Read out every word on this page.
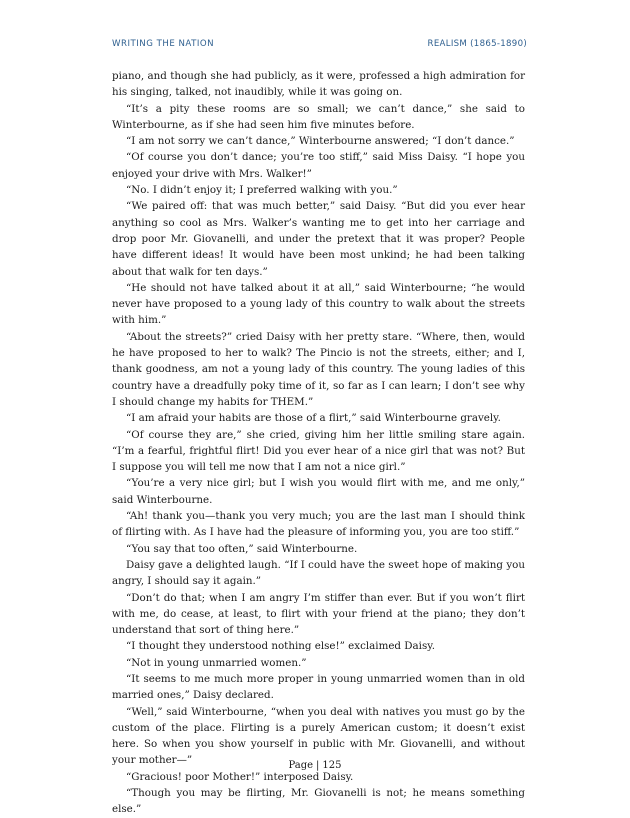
WRITING THE NATION	REALISM (1865-1890)

piano, and though she had publicly, as it were, professed a high admiration for his singing, talked, not inaudibly, while it was going on.

“It’s a pity these rooms are so small; we can’t dance,” she said to Winterbourne, as if she had seen him five minutes before.

“I am not sorry we can’t dance,” Winterbourne answered; “I don’t dance.”

“Of course you don’t dance; you’re too stiff,” said Miss Daisy. “I hope you enjoyed your drive with Mrs. Walker!”

“No. I didn’t enjoy it; I preferred walking with you.”

“We paired off: that was much better,” said Daisy. “But did you ever hear anything so cool as Mrs. Walker’s wanting me to get into her carriage and drop poor Mr. Giovanelli, and under the pretext that it was proper? People have different ideas! It would have been most unkind; he had been talking about that walk for ten days.”

“He should not have talked about it at all,” said Winterbourne; “he would never have proposed to a young lady of this country to walk about the streets with him.”

“About the streets?” cried Daisy with her pretty stare. “Where, then, would he have proposed to her to walk? The Pincio is not the streets, either; and I, thank goodness, am not a young lady of this country. The young ladies of this country have a dreadfully poky time of it, so far as I can learn; I don’t see why I should change my habits for THEM.”

“I am afraid your habits are those of a flirt,” said Winterbourne gravely.

“Of course they are,” she cried, giving him her little smiling stare again. “I’m a fearful, frightful flirt! Did you ever hear of a nice girl that was not? But I suppose you will tell me now that I am not a nice girl.”

“You’re a very nice girl; but I wish you would flirt with me, and me only,” said Winterbourne.

“Ah! thank you—thank you very much; you are the last man I should think of flirting with. As I have had the pleasure of informing you, you are too stiff.”

“You say that too often,” said Winterbourne.

Daisy gave a delighted laugh. “If I could have the sweet hope of making you angry, I should say it again.”

“Don’t do that; when I am angry I’m stiffer than ever. But if you won’t flirt with me, do cease, at least, to flirt with your friend at the piano; they don’t understand that sort of thing here.”

“I thought they understood nothing else!” exclaimed Daisy.

“Not in young unmarried women.”

“It seems to me much more proper in young unmarried women than in old married ones,” Daisy declared.

“Well,” said Winterbourne, “when you deal with natives you must go by the custom of the place. Flirting is a purely American custom; it doesn’t exist here. So when you show yourself in public with Mr. Giovanelli, and without your mother—”

“Gracious! poor Mother!” interposed Daisy.

“Though you may be flirting, Mr. Giovanelli is not; he means something else.”

Page | 125
